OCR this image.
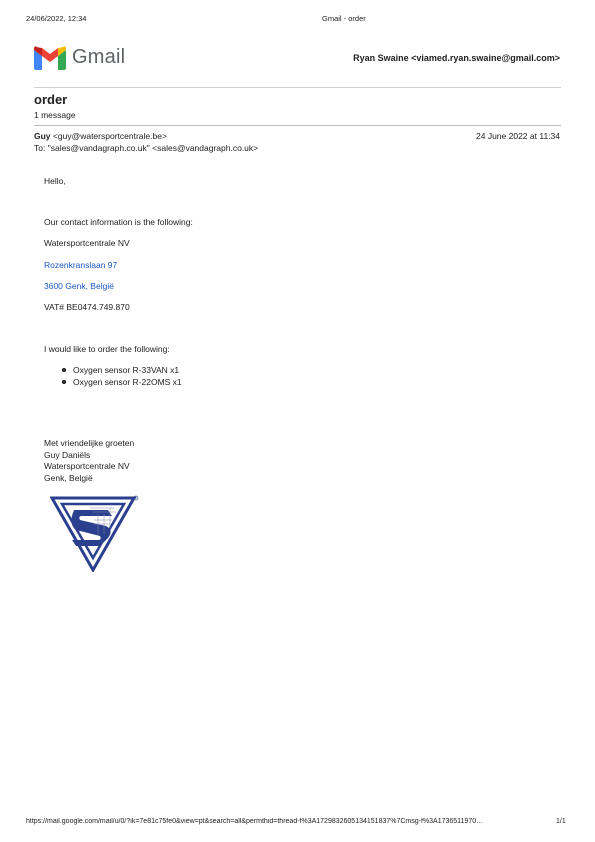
24/06/2022, 12:34	Gmail - order
Gmail	Ryan Swaine <viamed.ryan.swaine@gmail.com>
order
1 message
Guy <guy@watersportcentrale.be>	24 June 2022 at 11:34
To: "sales@vandagraph.co.uk" <sales@vandagraph.co.uk>
Hello,
Our contact information is the following:
Watersportcentrale NV
Rozenkranslaan 97
3600 Genk, België
VAT# BE0474.749.870
I would like to order the following:
Oxygen sensor R-33VAN x1
Oxygen sensor R-22OMS x1
Met vriendelijke groeten
Guy Daniëls
Watersportcentrale NV
Genk, België
R
https://mail.google.com/mail/u/0/?ik=7e81c75fe0&view=pt&search=all&permthid=thread-f%3A1729832605134151837%7Cmsg-f%3A1736511970…	1/1
